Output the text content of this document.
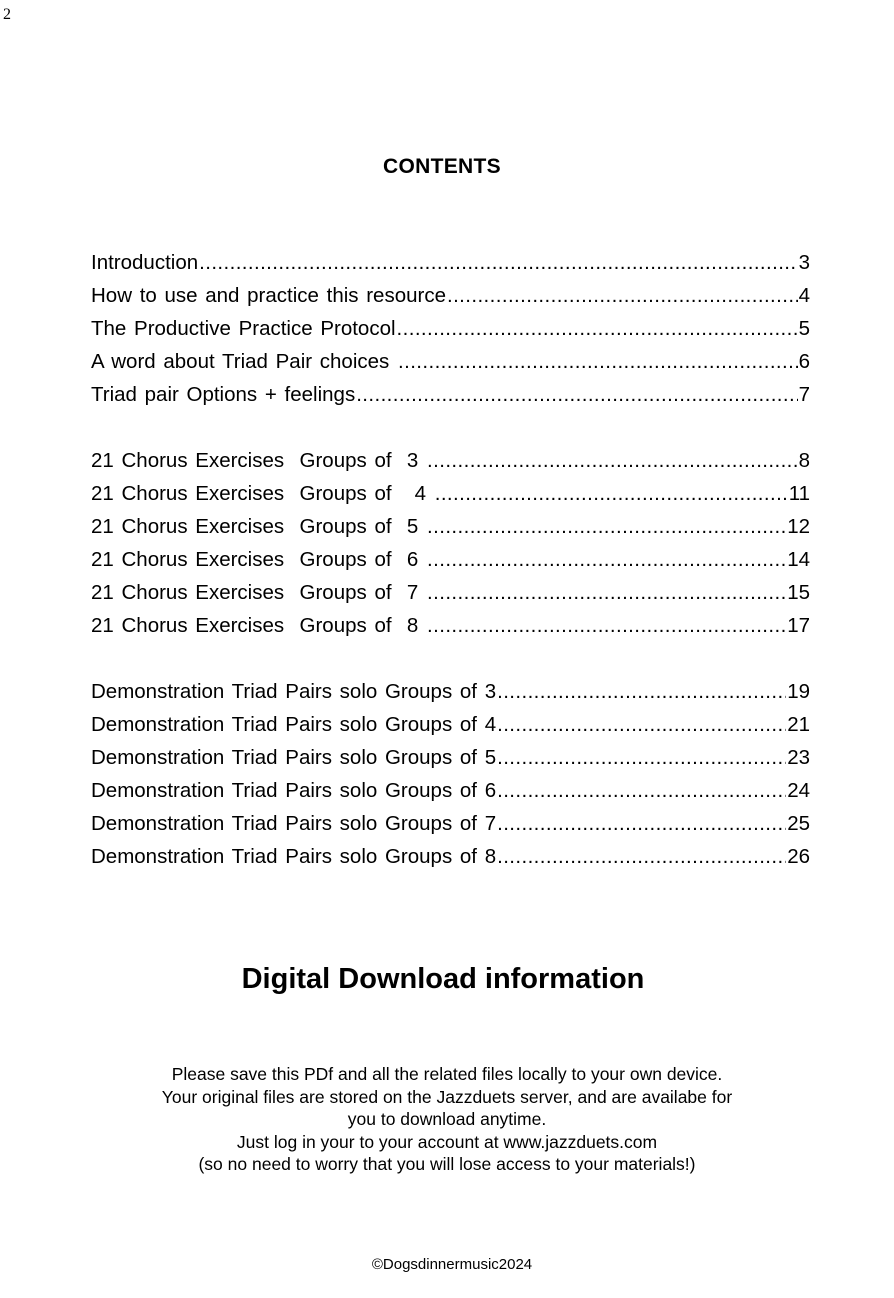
2
CONTENTS
Introduction .....	3
How to use and practice this resource .....	4
The Productive Practice Protocol .....	5
A word about Triad Pair choices .....	6
Triad pair Options + feelings .....	7
21 Chorus Exercises  Groups of  3 .....	8
21 Chorus Exercises  Groups of   4 .....	11
21 Chorus Exercises  Groups of  5 .....	12
21 Chorus Exercises  Groups of  6 .....	14
21 Chorus Exercises  Groups of  7 .....	15
21 Chorus Exercises  Groups of  8 .....	17
Demonstration Triad Pairs solo Groups of 3 .....	19
Demonstration Triad Pairs solo Groups of 4 .....	21
Demonstration Triad Pairs solo Groups of 5 .....	23
Demonstration Triad Pairs solo Groups of 6 .....	24
Demonstration Triad Pairs solo Groups of 7 .....	25
Demonstration Triad Pairs solo Groups of 8 .....	26
Digital Download information
Please save this PDf and all the related files locally to your own device.
Your original files are stored on the Jazzduets server, and are availabe for
you to download anytime.
Just log in your to your account at www.jazzduets.com
(so no need to worry that you will lose access to your materials!)
©Dogsdinnermusic2024
